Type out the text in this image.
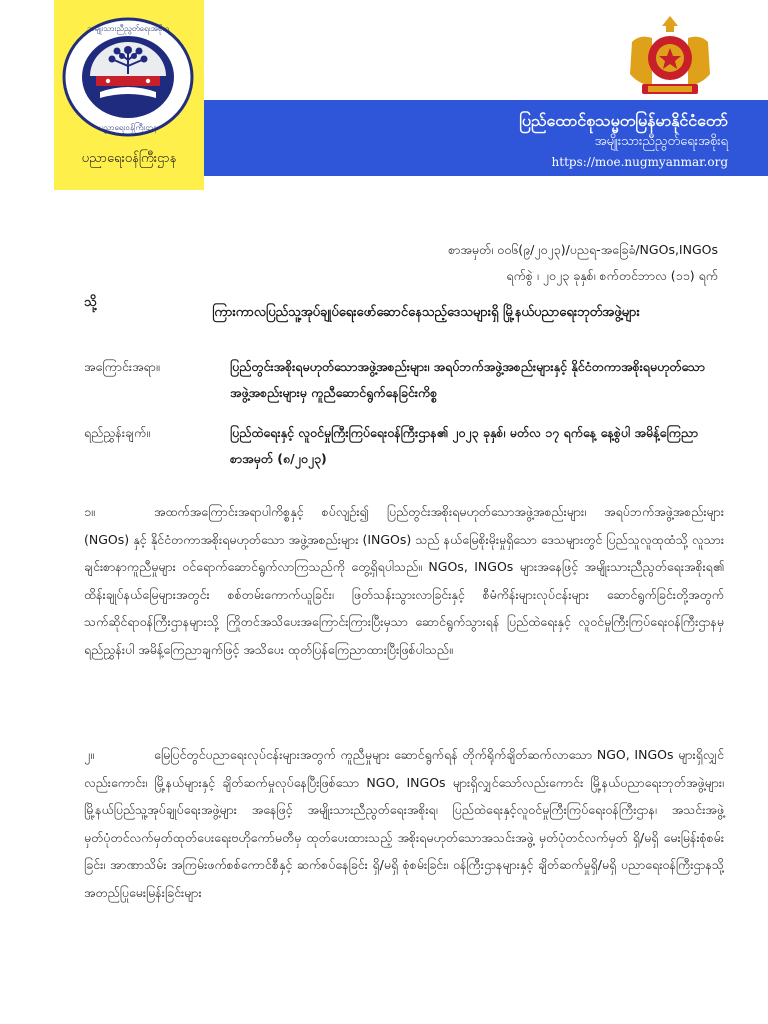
အမျိုးသားညီညွတ်ရေးအစိုးရ
ပညာရေးဝန်ကြီးဌာန
ပညာရေးဝန်ကြီးဌာန
ပြည်ထောင်စုသမ္မတမြန်မာနိုင်ငံတော်
အမျိုးသားညီညွတ်ရေးအစိုးရ
https://moe.nugmyanmar.org
စာအမှတ်၊ ဝဝ၆(၉/၂ဝ၂၃)/ပညရ-အခြေခံ/NGOs,INGOs
ရက်စွဲ ၊ ၂ဝ၂၃ ခုနှစ်၊ စက်တင်ဘာလ (၁၁) ရက်
သို့
ကြားကာလပြည်သူ့အုပ်ချုပ်ရေးဖော်ဆောင်နေသည့်ဒေသများရှိ မြို့နယ်ပညာရေးဘုတ်အဖွဲ့များ
အကြောင်းအရာ။	ပြည်တွင်းအစိုးရမဟုတ်သောအဖွဲ့အစည်းများ၊ အရပ်ဘက်အဖွဲ့အစည်းများနှင့် နိုင်ငံတကာအစိုးရမဟုတ်သော အဖွဲ့အစည်းများမှ ကူညီဆောင်ရွက်နေခြင်းကိစ္စ
ရည်ညွှန်းချက်။	ပြည်ထဲရေးနှင့် လူဝင်မှုကြီးကြပ်ရေးဝန်ကြီးဌာန၏ ၂ဝ၂၃ ခုနှစ်၊ မတ်လ ၁၇ ရက်နေ့ နေ့စွဲပါ အမိန့်ကြေညာစာအမှတ် (၈/၂ဝ၂၃)
၁။	အထက်အကြောင်းအရာပါကိစ္စနှင့် စပ်လျဉ်း၍ ပြည်တွင်းအစိုးရမဟုတ်သောအဖွဲ့အစည်းများ၊ အရပ်ဘက်အဖွဲ့အစည်းများ (NGOs) နှင့် နိုင်ငံတကာအစိုးရမဟုတ်သော အဖွဲ့အစည်းများ (INGOs) သည် နယ်မြေစိုးမိုးမှုရှိသော ဒေသများတွင် ပြည်သူလူထုထံသို့ လူသားချင်းစာနာကူညီမှုများ ဝင်ရောက်ဆောင်ရွက်လာကြသည်ကို တွေ့ရှိရပါသည်။ NGOs, INGOs များအနေဖြင့် အမျိုးသားညီညွတ်ရေးအစိုးရ၏ ထိန်းချုပ်နယ်မြေများအတွင်း စစ်တမ်းကောက်ယူခြင်း၊ ဖြတ်သန်းသွားလာခြင်းနှင့် စီမံကိန်းများလုပ်ငန်းများ ဆောင်ရွက်ခြင်းတို့အတွက် သက်ဆိုင်ရာဝန်ကြီးဌာနများသို့ ကြိုတင်အသိပေးအကြောင်းကြားပြီးမှသာ ဆောင်ရွက်သွားရန် ပြည်ထဲရေးနှင့် လူဝင်မှုကြီးကြပ်ရေးဝန်ကြီးဌာနမှ ရည်ညွှန်းပါ အမိန့်ကြေညာချက်ဖြင့် အသိပေး ထုတ်ပြန်ကြေညာထားပြီးဖြစ်ပါသည်။
၂။	မြေပြင်တွင်ပညာရေးလုပ်ငန်းများအတွက် ကူညီမှုများ ဆောင်ရွက်ရန် တိုက်ရိုက်ချိတ်ဆက်လာသော NGO, INGOs များရှိလျှင်လည်းကောင်း၊ မြို့နယ်များနှင့် ချိတ်ဆက်မှုလုပ်နေပြီးဖြစ်သော NGO, INGOs များရှိလျှင်သော်လည်းကောင်း မြို့နယ်ပညာရေးဘုတ်အဖွဲ့များ၊ မြို့နယ်ပြည်သူ့အုပ်ချုပ်ရေးအဖွဲ့များ အနေဖြင့် အမျိုးသားညီညွတ်ရေးအစိုးရ၊ ပြည်ထဲရေးနှင့်လူဝင်မှုကြီးကြပ်ရေးဝန်ကြီးဌာန၊ အသင်းအဖွဲ့ မှတ်ပုံတင်လက်မှတ်ထုတ်ပေးရေးဗဟိုကော်မတီမှ ထုတ်ပေးထားသည့် အစိုးရမဟုတ်သောအသင်းအဖွဲ့ မှတ်ပုံတင်လက်မှတ် ရှိ/မရှိ မေးမြန်းစုံစမ်းခြင်း၊ အာဏာသိမ်း အကြမ်းဖက်စစ်ကောင်စီနှင့် ဆက်စပ်နေခြင်း ရှိ/မရှိ စုံစမ်းခြင်း၊ ဝန်ကြီးဌာနများနှင့် ချိတ်ဆက်မှုရှိ/မရှိ ပညာရေးဝန်ကြီးဌာနသို့ အတည်ပြုမေးမြန်းခြင်းများ
